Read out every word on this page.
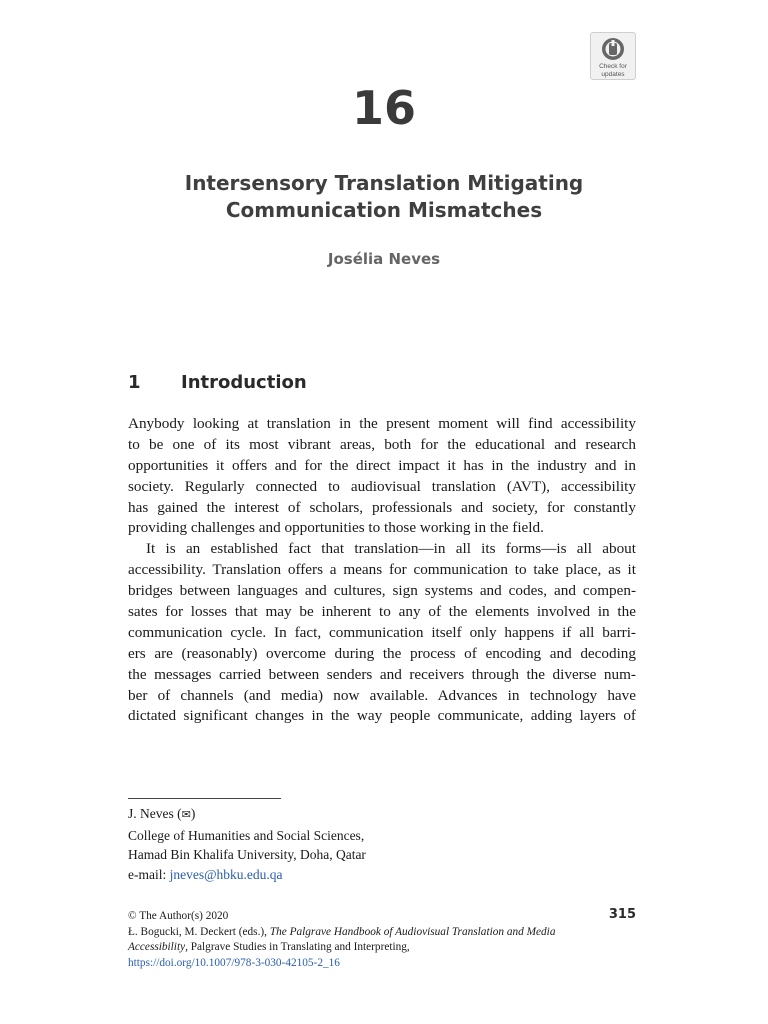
Check for
updates
16
Intersensory Translation Mitigating
Communication Mismatches
Josélia Neves
1 Introduction
Anybody looking at translation in the present moment will find accessibility
to be one of its most vibrant areas, both for the educational and research
opportunities it offers and for the direct impact it has in the industry and in
society. Regularly connected to audiovisual translation (AVT), accessibility
has gained the interest of scholars, professionals and society, for constantly
providing challenges and opportunities to those working in the field.
It is an established fact that translation—in all its forms—is all about
accessibility. Translation offers a means for communication to take place, as it
bridges between languages and cultures, sign systems and codes, and compen-
sates for losses that may be inherent to any of the elements involved in the
communication cycle. In fact, communication itself only happens if all barri-
ers are (reasonably) overcome during the process of encoding and decoding
the messages carried between senders and receivers through the diverse num-
ber of channels (and media) now available. Advances in technology have
dictated significant changes in the way people communicate, adding layers of
J. Neves (✉)
College of Humanities and Social Sciences,
Hamad Bin Khalifa University, Doha, Qatar
e-mail: jneves@hbku.edu.qa
© The Author(s) 2020
Ł. Bogucki, M. Deckert (eds.), The Palgrave Handbook of Audiovisual Translation and Media
Accessibility, Palgrave Studies in Translating and Interpreting,
https://doi.org/10.1007/978-3-030-42105-2_16
315
